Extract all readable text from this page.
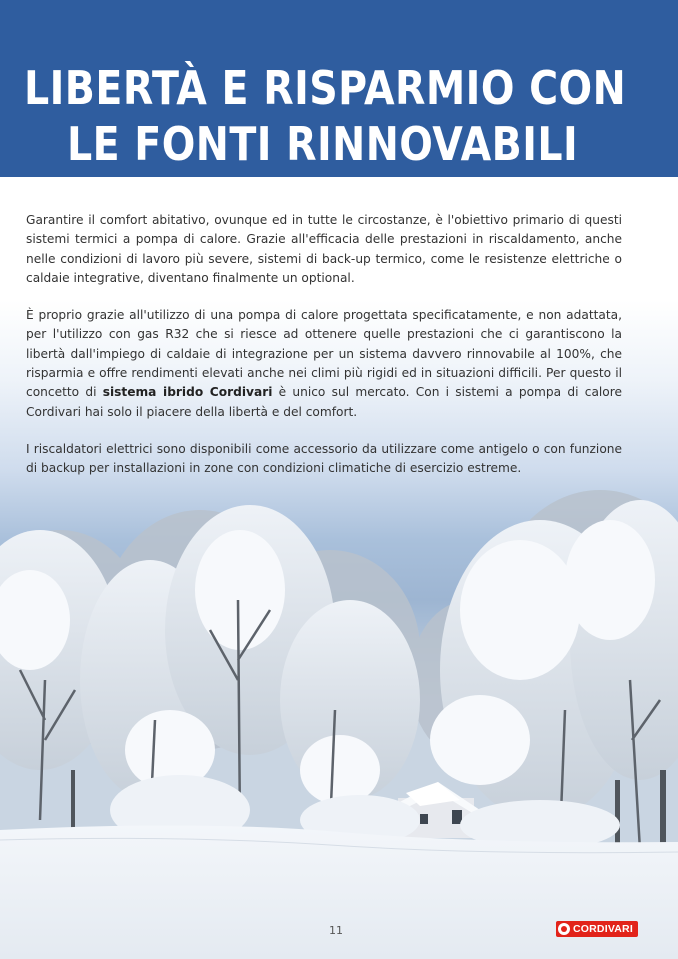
LIBERTÀ E RISPARMIO CON
LE FONTI RINNOVABILI

Garantire il comfort abitativo, ovunque ed in tutte le circostanze, è l'obiettivo primario di questi sistemi termici a pompa di calore. Grazie all'efficacia delle prestazioni in riscaldamento, anche nelle condizioni di lavoro più severe, sistemi di back-up termico, come le resistenze elettriche o caldaie integrative, diventano finalmente un optional.

È proprio grazie all'utilizzo di una pompa di calore progettata specificatamente, e non adattata, per l'utilizzo con gas R32 che si riesce ad ottenere quelle prestazioni che ci garantiscono la libertà dall'impiego di caldaie di integrazione per un sistema davvero rinnovabile al 100%, che risparmia e offre rendimenti elevati anche nei climi più rigidi ed in situazioni difficili. Per questo il concetto di sistema ibrido Cordivari è unico sul mercato. Con i sistemi a pompa di calore Cordivari hai solo il piacere della libertà e del comfort.

I riscaldatori elettrici sono disponibili come accessorio da utilizzare come antigelo o con funzione di backup per installazioni in zone con condizioni climatiche di esercizio estreme.

11	CORDIVARI
